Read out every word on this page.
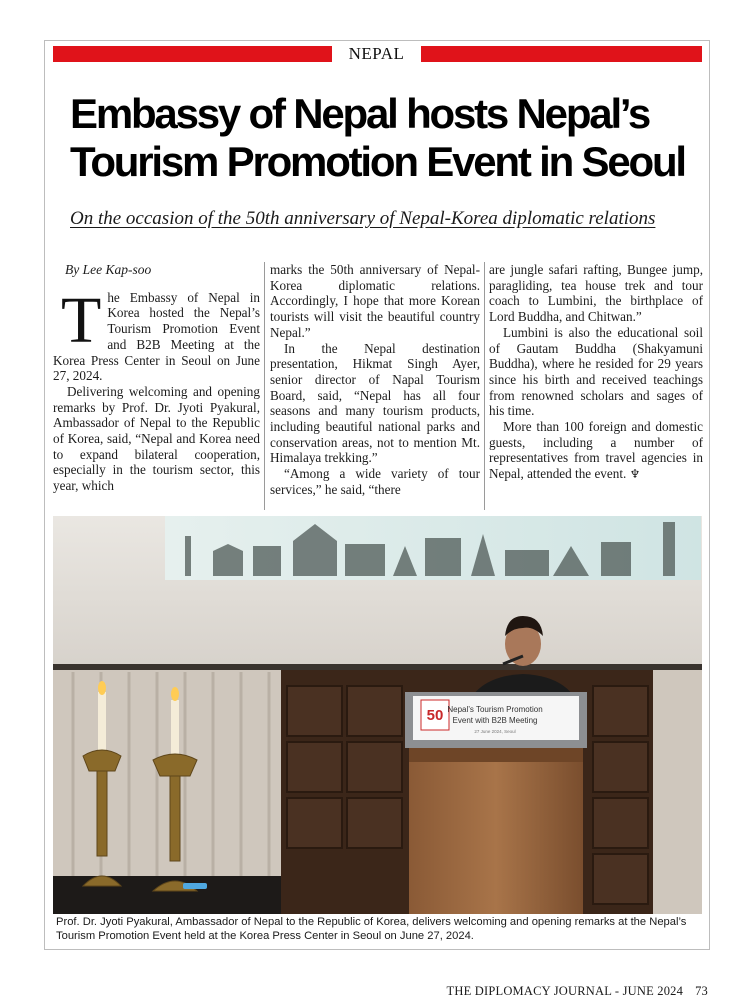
NEPAL
Embassy of Nepal hosts Nepal’s
Tourism Promotion Event in Seoul
On the occasion of the 50th anniversary of Nepal-Korea diplomatic relations
By Lee Kap-soo

The Embassy of Nepal in Korea hosted the Nepal’s Tourism Promotion Event and B2B Meeting at the Korea Press Center in Seoul on June 27, 2024.

Delivering welcoming and opening remarks by Prof. Dr. Jyoti Pyakural, Ambassador of Nepal to the Republic of Korea, said, “Nepal and Korea need to expand bilateral cooperation, especially in the tourism sector, this year, which

marks the 50th anniversary of Nepal-Korea diplomatic relations. Accordingly, I hope that more Korean tourists will visit the beautiful country Nepal.”

In the Nepal destination presentation, Hikmat Singh Ayer, senior director of Napal Tourism Board, said, “Nepal has all four seasons and many tourism products, including beautiful national parks and conservation areas, not to mention Mt. Himalaya trekking.”

“Among a wide variety of tour services,” he said, “there

are jungle safari rafting, Bungee jump, paragliding, tea house trek and tour coach to Lumbini, the birthplace of Lord Buddha, and Chitwan.”

Lumbini is also the educational soil of Gautam Buddha (Shakyamuni Buddha), where he resided for 29 years since his birth and received teachings from renowned scholars and sages of his time.

More than 100 foreign and domestic guests, including a number of representatives from travel agencies in Nepal, attended the event. ♆

50 Nepal’s Tourism Promotion
Event with B2B Meeting
27 June 2024, Seoul
Prof. Dr. Jyoti Pyakural, Ambassador of Nepal to the Republic of Korea, delivers welcoming and opening remarks at the Nepal’s Tourism Promotion Event held at the Korea Press Center in Seoul on June 27, 2024.
THE DIPLOMACY JOURNAL - JUNE 2024 73
